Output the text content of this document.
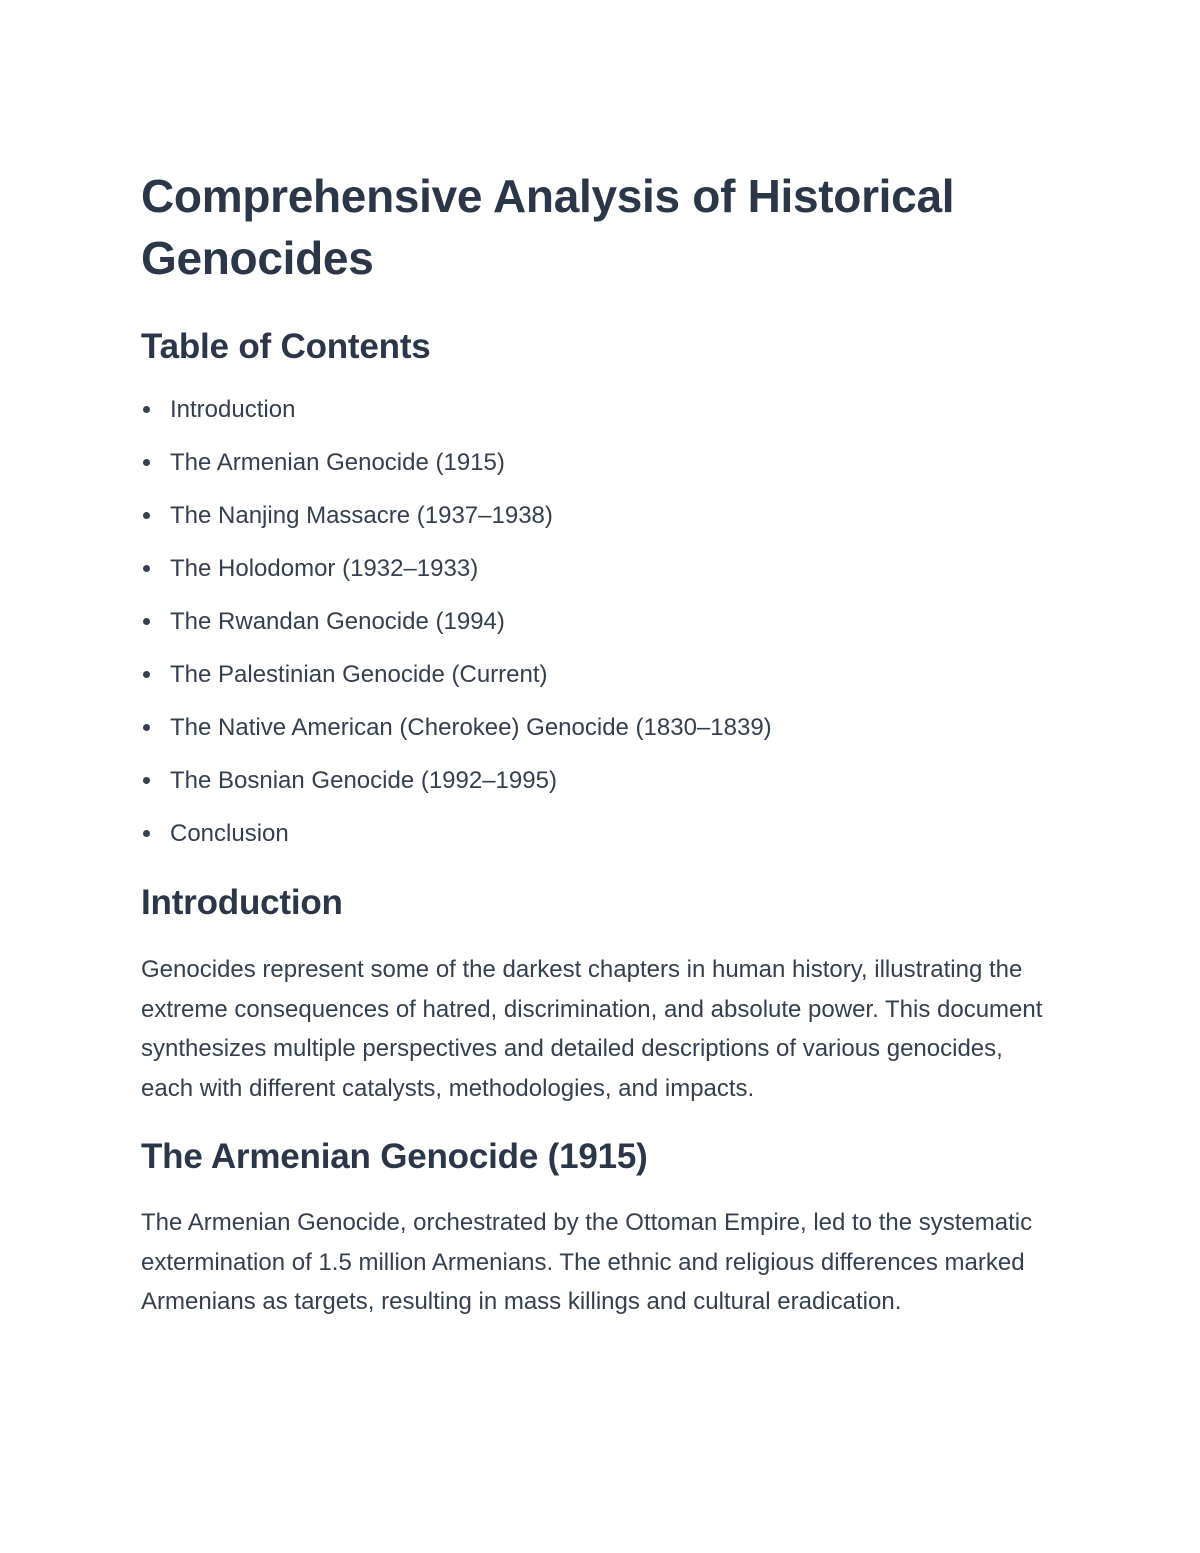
Comprehensive Analysis of Historical Genocides
Table of Contents
Introduction
The Armenian Genocide (1915)
The Nanjing Massacre (1937–1938)
The Holodomor (1932–1933)
The Rwandan Genocide (1994)
The Palestinian Genocide (Current)
The Native American (Cherokee) Genocide (1830–1839)
The Bosnian Genocide (1992–1995)
Conclusion
Introduction

Genocides represent some of the darkest chapters in human history, illustrating the extreme consequences of hatred, discrimination, and absolute power. This document synthesizes multiple perspectives and detailed descriptions of various genocides, each with different catalysts, methodologies, and impacts.

The Armenian Genocide (1915)

The Armenian Genocide, orchestrated by the Ottoman Empire, led to the systematic extermination of 1.5 million Armenians. The ethnic and religious differences marked Armenians as targets, resulting in mass killings and cultural eradication.
